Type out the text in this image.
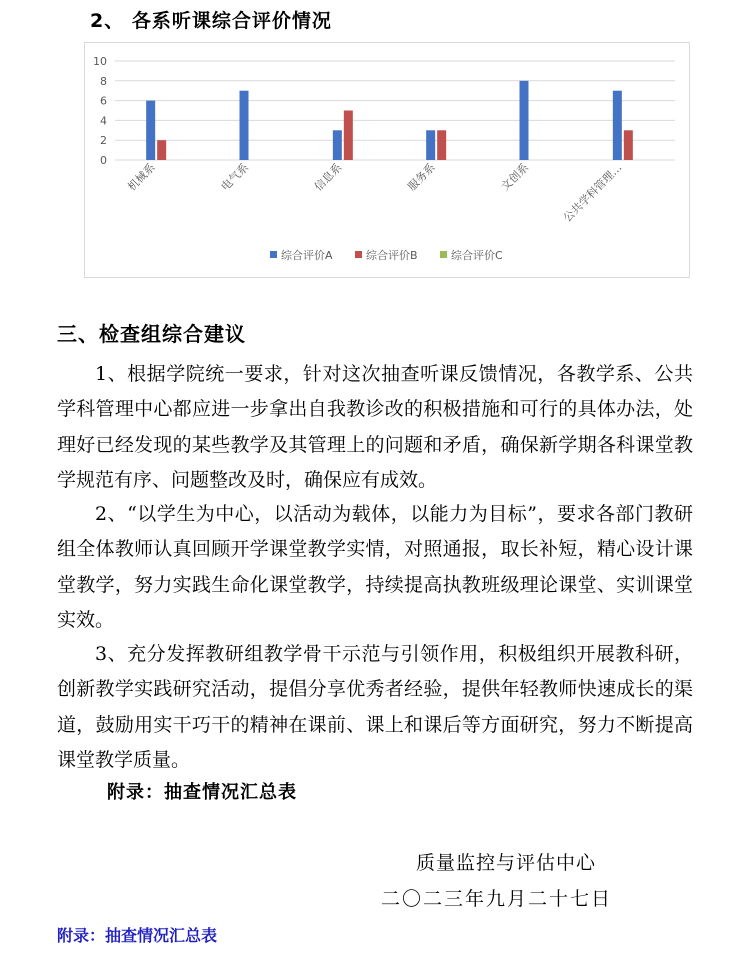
2、 各系听课综合评价情况
0
2
4
6
8
10
机械系	电气系	信息系	服务系	文创系	公共学科管理…
综合评价A	综合评价B	综合评价C
三、检查组综合建议

1、根据学院统一要求，针对这次抽查听课反馈情况，各教学系、公共学科管理中心都应进一步拿出自我教诊改的积极措施和可行的具体办法，处理好已经发现的某些教学及其管理上的问题和矛盾，确保新学期各科课堂教学规范有序、问题整改及时，确保应有成效。

2、“以学生为中心，以活动为载体，以能力为目标”，要求各部门教研组全体教师认真回顾开学课堂教学实情，对照通报，取长补短，精心设计课堂教学，努力实践生命化课堂教学，持续提高执教班级理论课堂、实训课堂实效。

3、充分发挥教研组教学骨干示范与引领作用，积极组织开展教科研，创新教学实践研究活动，提倡分享优秀者经验，提供年轻教师快速成长的渠道，鼓励用实干巧干的精神在课前、课上和课后等方面研究，努力不断提高课堂教学质量。

附录：抽查情况汇总表
质量监控与评估中心
二〇二三年九月二十七日
附录：抽查情况汇总表
